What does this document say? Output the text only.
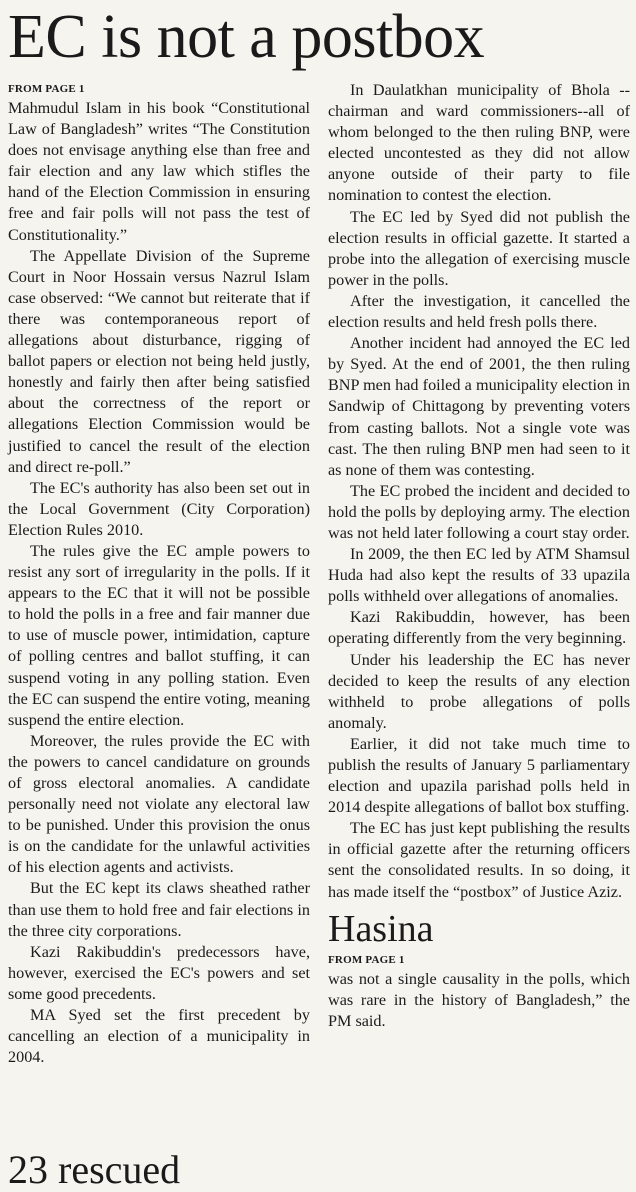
EC is not a postbox
FROM PAGE 1

Mahmudul Islam in his book “Constitutional Law of Bangladesh” writes “The Constitution does not envisage anything else than free and fair election and any law which stifles the hand of the Election Commission in ensuring free and fair polls will not pass the test of Constitutionality.”

The Appellate Division of the Supreme Court in Noor Hossain versus Nazrul Islam case observed: “We cannot but reiterate that if there was contemporaneous report of allegations about disturbance, rigging of ballot papers or election not being held justly, honestly and fairly then after being satisfied about the correctness of the report or allegations Election Commission would be justified to cancel the result of the election and direct re-poll.”

The EC's authority has also been set out in the Local Government (City Corporation) Election Rules 2010.

The rules give the EC ample powers to resist any sort of irregularity in the polls. If it appears to the EC that it will not be possible to hold the polls in a free and fair manner due to use of muscle power, intimidation, capture of polling centres and ballot stuffing, it can suspend voting in any polling station. Even the EC can suspend the entire voting, meaning suspend the entire election.

Moreover, the rules provide the EC with the powers to cancel candidature on grounds of gross electoral anomalies. A candidate personally need not violate any electoral law to be punished. Under this provision the onus is on the candidate for the unlawful activities of his election agents and activists.

But the EC kept its claws sheathed rather than use them to hold free and fair elections in the three city corporations.

Kazi Rakibuddin's predecessors have, however, exercised the EC's powers and set some good precedents.

MA Syed set the first precedent by cancelling an election of a municipality in 2004.

In Daulatkhan municipality of Bhola -- chairman and ward commissioners--all of whom belonged to the then ruling BNP, were elected uncontested as they did not allow anyone outside of their party to file nomination to contest the election.

The EC led by Syed did not publish the election results in official gazette. It started a probe into the allegation of exercising muscle power in the polls.

After the investigation, it cancelled the election results and held fresh polls there.

Another incident had annoyed the EC led by Syed. At the end of 2001, the then ruling BNP men had foiled a municipality election in Sandwip of Chittagong by preventing voters from casting ballots. Not a single vote was cast. The then ruling BNP men had seen to it as none of them was contesting.

The EC probed the incident and decided to hold the polls by deploying army. The election was not held later following a court stay order.

In 2009, the then EC led by ATM Shamsul Huda had also kept the results of 33 upazila polls withheld over allegations of anomalies.

Kazi Rakibuddin, however, has been operating differently from the very beginning.

Under his leadership the EC has never decided to keep the results of any election withheld to probe allegations of polls anomaly.

Earlier, it did not take much time to publish the results of January 5 parliamentary election and upazila parishad polls held in 2014 despite allegations of ballot box stuffing.

The EC has just kept publishing the results in official gazette after the returning officers sent the consolidated results. In so doing, it has made itself the “postbox” of Justice Aziz.

Hasina
FROM PAGE 1

was not a single causality in the polls, which was rare in the history of Bangladesh,” the PM said.

23 rescued
